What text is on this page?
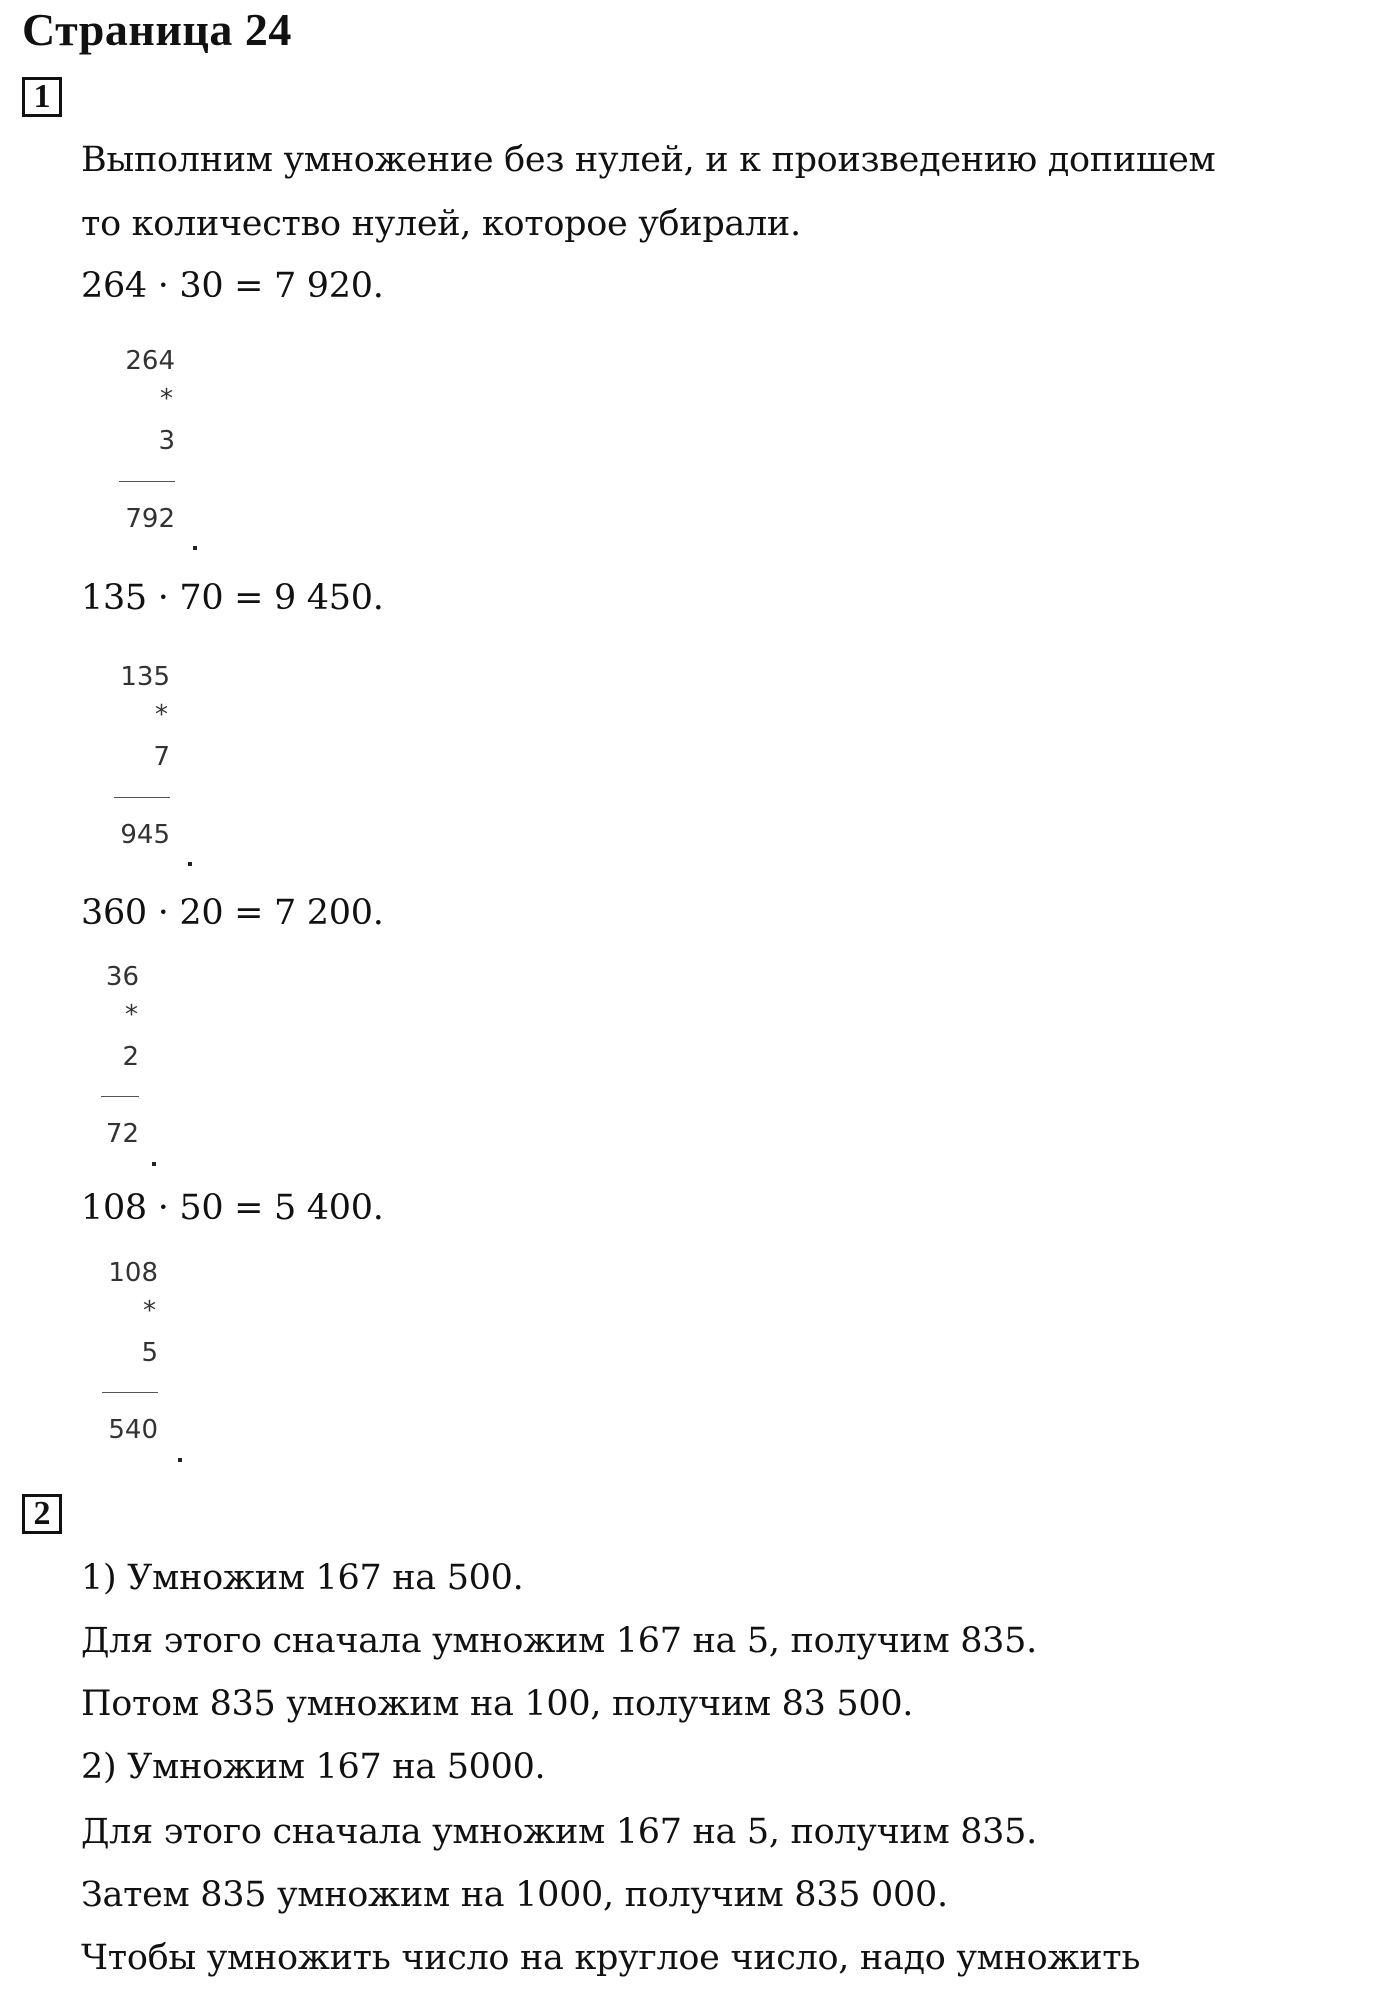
Страница 24
1
Выполним умножение без нулей, и к произведению допишем
то количество нулей, которое убирали.
264 · 30 = 7 920.
264
*
3
792
135 · 70 = 9 450.
135
*
7
945
360 · 20 = 7 200.
36
*
2
72
108 · 50 = 5 400.
108
*
5
540
2
1) Умножим 167 на 500.
Для этого сначала умножим 167 на 5, получим 835.
Потом 835 умножим на 100, получим 83 500.
2) Умножим 167 на 5000.
Для этого сначала умножим 167 на 5, получим 835.
Затем 835 умножим на 1000, получим 835 000.
Чтобы умножить число на круглое число, надо умножить
